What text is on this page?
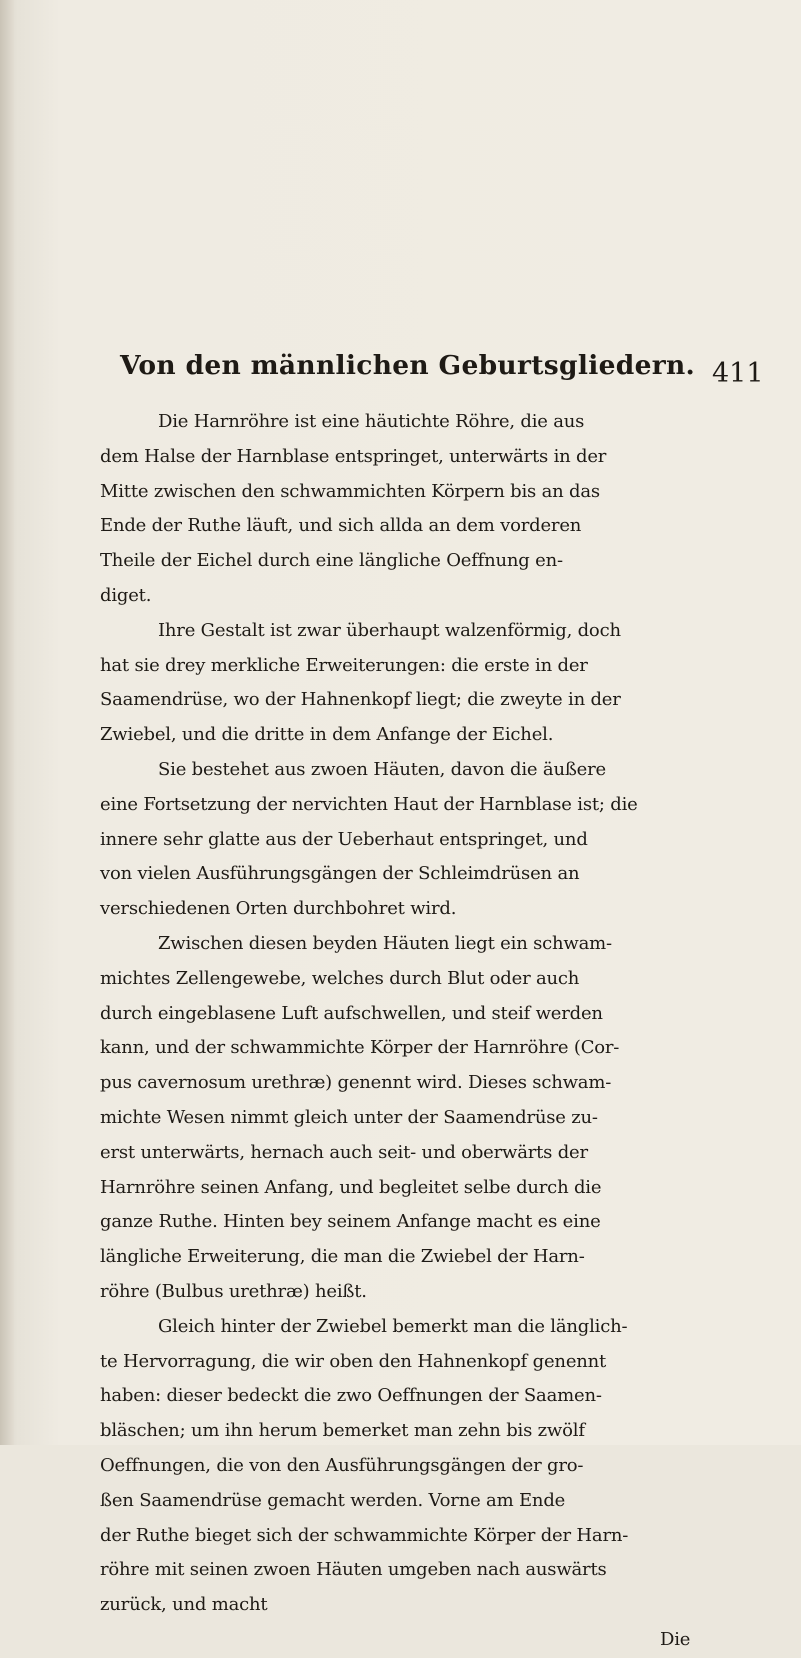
Von den männlichen Geburtsgliedern. 411
Die Harnröhre ist eine häutichte Röhre, die aus
dem Halse der Harnblase entspringet, unterwärts in der
Mitte zwischen den schwammichten Körpern bis an das
Ende der Ruthe läuft, und sich allda an dem vorderen
Theile der Eichel durch eine längliche Oeffnung en-
diget.
Ihre Gestalt ist zwar überhaupt walzenförmig, doch
hat sie drey merkliche Erweiterungen: die erste in der
Saamendrüse, wo der Hahnenkopf liegt; die zweyte in der
Zwiebel, und die dritte in dem Anfange der Eichel.
Sie bestehet aus zwoen Häuten, davon die äußere
eine Fortsetzung der nervichten Haut der Harnblase ist; die
innere sehr glatte aus der Ueberhaut entspringet, und
von vielen Ausführungsgängen der Schleimdrüsen an
verschiedenen Orten durchbohret wird.
Zwischen diesen beyden Häuten liegt ein schwam-
michtes Zellengewebe, welches durch Blut oder auch
durch eingeblasene Luft aufschwellen, und steif werden
kann, und der schwammichte Körper der Harnröhre (Cor-
pus cavernosum urethræ) genennt wird. Dieses schwam-
michte Wesen nimmt gleich unter der Saamendrüse zu-
erst unterwärts, hernach auch seit- und oberwärts der
Harnröhre seinen Anfang, und begleitet selbe durch die
ganze Ruthe. Hinten bey seinem Anfange macht es eine
längliche Erweiterung, die man die Zwiebel der Harn-
röhre (Bulbus urethræ) heißt.
Gleich hinter der Zwiebel bemerkt man die länglich-
te Hervorragung, die wir oben den Hahnenkopf genennt
haben: dieser bedeckt die zwo Oeffnungen der Saamen-
bläschen; um ihn herum bemerket man zehn bis zwölf
Oeffnungen, die von den Ausführungsgängen der gro-
ßen Saamendrüse gemacht werden. Vorne am Ende
der Ruthe bieget sich der schwammichte Körper der Harn-
röhre mit seinen zwoen Häuten umgeben nach auswärts
zurück, und macht
Die
